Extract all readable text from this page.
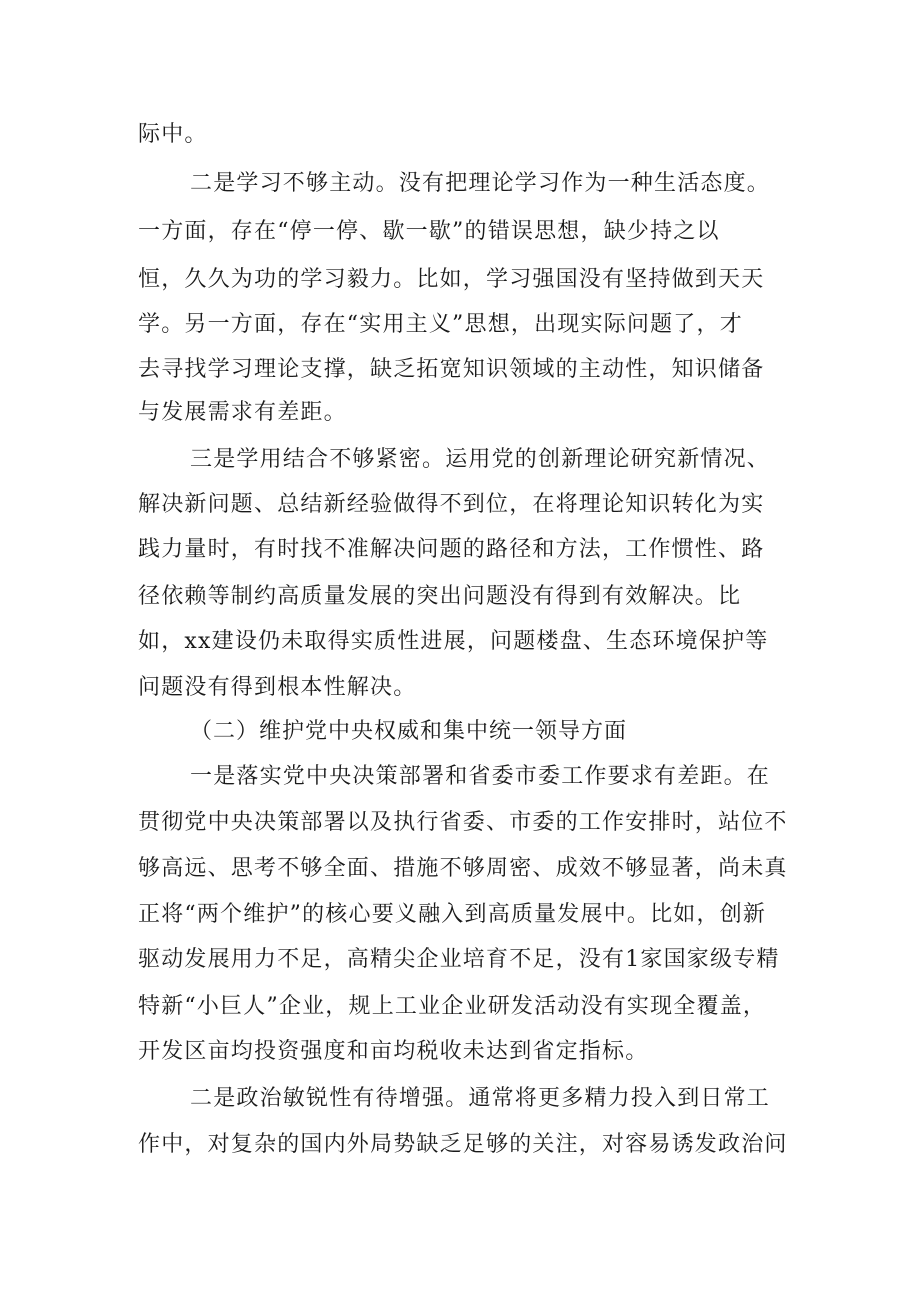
际中。
二是学习不够主动。没有把理论学习作为一种生活态度。
一方面，存在“停一停、歇一歇”的错误思想，缺少持之以
恒，久久为功的学习毅力。比如，学习强国没有坚持做到天天
学。另一方面，存在“实用主义”思想，出现实际问题了，才
去寻找学习理论支撑，缺乏拓宽知识领域的主动性，知识储备
与发展需求有差距。
三是学用结合不够紧密。运用党的创新理论研究新情况、
解决新问题、总结新经验做得不到位，在将理论知识转化为实
践力量时，有时找不准解决问题的路径和方法，工作惯性、路
径依赖等制约高质量发展的突出问题没有得到有效解决。比
如，xx建设仍未取得实质性进展，问题楼盘、生态环境保护等
问题没有得到根本性解决。
（二）维护党中央权威和集中统一领导方面
一是落实党中央决策部署和省委市委工作要求有差距。在
贯彻党中央决策部署以及执行省委、市委的工作安排时，站位不
够高远、思考不够全面、措施不够周密、成效不够显著，尚未真
正将“两个维护”的核心要义融入到高质量发展中。比如，创新
驱动发展用力不足，高精尖企业培育不足，没有1家国家级专精
特新“小巨人”企业，规上工业企业研发活动没有实现全覆盖，
开发区亩均投资强度和亩均税收未达到省定指标。
二是政治敏锐性有待增强。通常将更多精力投入到日常工
作中，对复杂的国内外局势缺乏足够的关注，对容易诱发政治问
